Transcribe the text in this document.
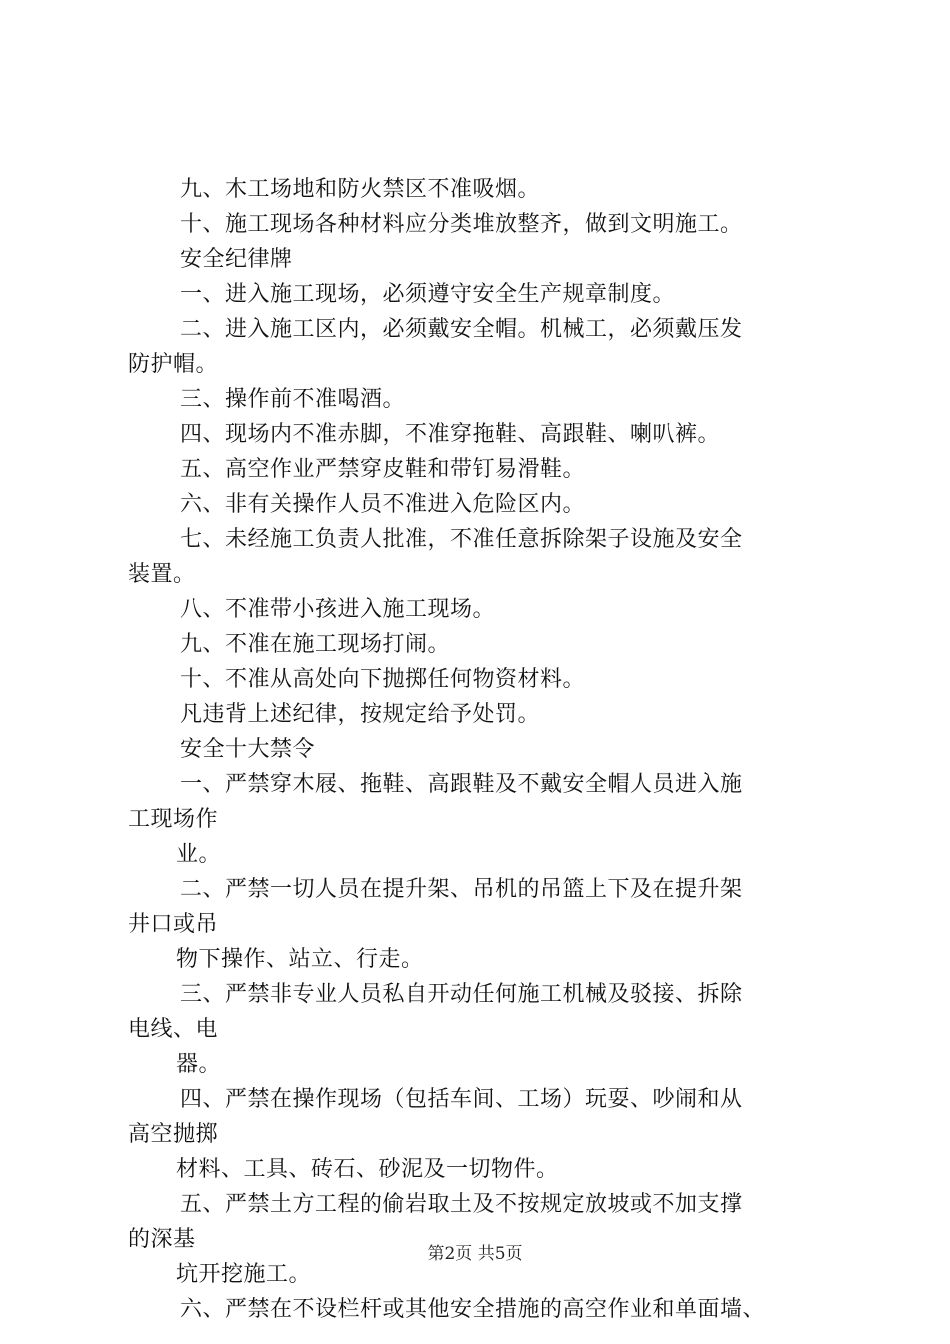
九、木工场地和防火禁区不准吸烟。
十、施工现场各种材料应分类堆放整齐，做到文明施工。
安全纪律牌
一、进入施工现场，必须遵守安全生产规章制度。
二、进入施工区内，必须戴安全帽。机械工，必须戴压发
防护帽。
三、操作前不准喝酒。
四、现场内不准赤脚，不准穿拖鞋、高跟鞋、喇叭裤。
五、高空作业严禁穿皮鞋和带钉易滑鞋。
六、非有关操作人员不准进入危险区内。
七、未经施工负责人批准，不准任意拆除架子设施及安全
装置。
八、不准带小孩进入施工现场。
九、不准在施工现场打闹。
十、不准从高处向下抛掷任何物资材料。
凡违背上述纪律，按规定给予处罚。
安全十大禁令
一、严禁穿木屐、拖鞋、高跟鞋及不戴安全帽人员进入施
工现场作
业。
二、严禁一切人员在提升架、吊机的吊篮上下及在提升架
井口或吊
物下操作、站立、行走。
三、严禁非专业人员私自开动任何施工机械及驳接、拆除
电线、电
器。
四、严禁在操作现场（包括车间、工场）玩耍、吵闹和从
高空抛掷
材料、工具、砖石、砂泥及一切物件。
五、严禁土方工程的偷岩取土及不按规定放坡或不加支撑
的深基
坑开挖施工。
六、严禁在不设栏杆或其他安全措施的高空作业和单面墙、
第2页 共5页
